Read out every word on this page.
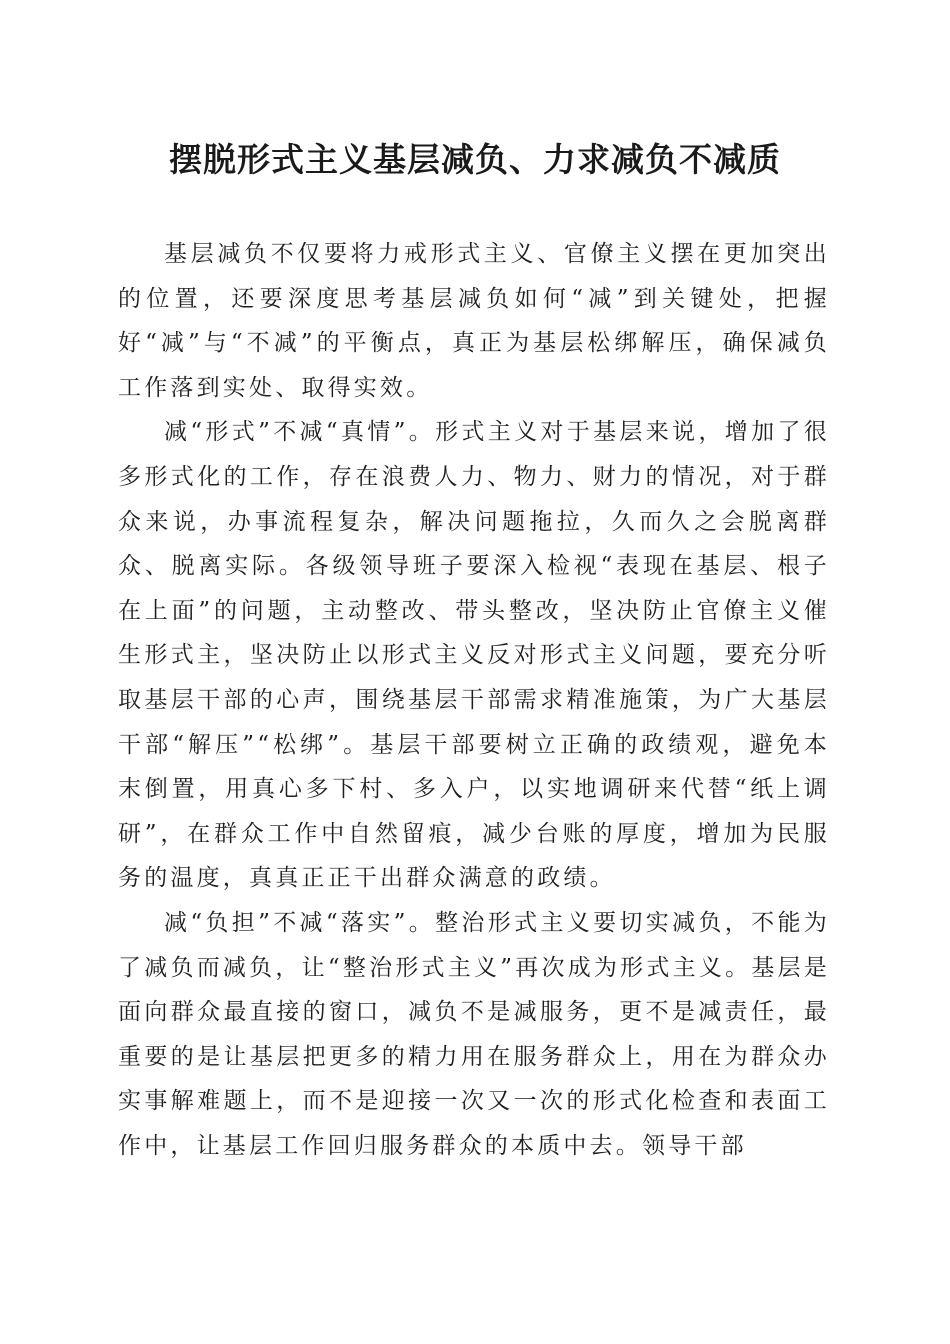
摆脱形式主义基层减负、力求减负不减质

基层减负不仅要将力戒形式主义、官僚主义摆在更加突出的位置，还要深度思考基层减负如何“减”到关键处，把握好“减”与“不减”的平衡点，真正为基层松绑解压，确保减负工作落到实处、取得实效。

减“形式”不减“真情”。形式主义对于基层来说，增加了很多形式化的工作，存在浪费人力、物力、财力的情况，对于群众来说，办事流程复杂，解决问题拖拉，久而久之会脱离群众、脱离实际。各级领导班子要深入检视“表现在基层、根子在上面”的问题，主动整改、带头整改，坚决防止官僚主义催生形式主，坚决防止以形式主义反对形式主义问题，要充分听取基层干部的心声，围绕基层干部需求精准施策，为广大基层干部“解压”“松绑”。基层干部要树立正确的政绩观，避免本末倒置，用真心多下村、多入户，以实地调研来代替“纸上调研”，在群众工作中自然留痕，减少台账的厚度，增加为民服务的温度，真真正正干出群众满意的政绩。

减“负担”不减“落实”。整治形式主义要切实减负，不能为了减负而减负，让“整治形式主义”再次成为形式主义。基层是面向群众最直接的窗口，减负不是减服务，更不是减责任，最重要的是让基层把更多的精力用在服务群众上，用在为群众办实事解难题上，而不是迎接一次又一次的形式化检查和表面工作中，让基层工作回归服务群众的本质中去。领导干部
